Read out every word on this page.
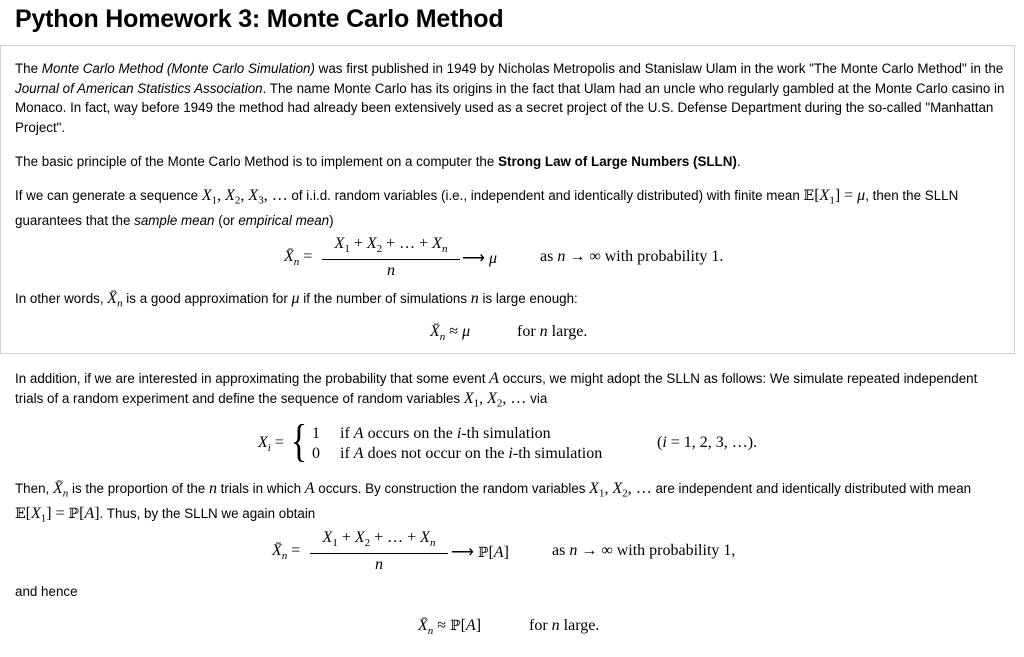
Python Homework 3: Monte Carlo Method

The Monte Carlo Method (Monte Carlo Simulation) was first published in 1949 by Nicholas Metropolis and Stanislaw Ulam in the work "The Monte Carlo Method" in the Journal of American Statistics Association. The name Monte Carlo has its origins in the fact that Ulam had an uncle who regularly gambled at the Monte Carlo casino in Monaco. In fact, way before 1949 the method had already been extensively used as a secret project of the U.S. Defense Department during the so-called "Manhattan Project".

The basic principle of the Monte Carlo Method is to implement on a computer the Strong Law of Large Numbers (SLLN).

If we can generate a sequence $X_1$, $X_2$, $X_3$, … of i.i.d. random variables (i.e., independent and identically distributed) with finite mean $𝔼[X_1] = \mu$, then the SLLN guarantees that the sample mean (or empirical mean)

$X̄_n = \frac{X_1 + X_2 + \dots + X_n}{n}$ ⟶ μ	as n → ∞ with probability 1.

In other words, $X̄_n$ is a good approximation for μ if the number of simulations n is large enough:

$X̄_n \approx \mu$	for n large.

In addition, if we are interested in approximating the probability that some event A occurs, we might adopt the SLLN as follows: We simulate repeated independent trials of a random experiment and define the sequence of random variables $X_1$, $X_2$, … via

$X_i$ = { 1 if A occurs on the i-th simulation
0 if A does not occur on the i-th simulation
(i = 1, 2, 3, …).

Then, $X̄_n$ is the proportion of the n trials in which A occurs. By construction the random variables $X_1$, $X_2$, … are independent and identically distributed with mean $𝔼[X_1]$ = ℙ[A]. Thus, by the SLLN we again obtain

$X̄_n = \frac{X_1 + X_2 + \dots + X_n}{n}$ ⟶ ℙ[A]	as n → ∞ with probability 1,

and hence

$X̄_n$ ≈ ℙ[A]	for n large.
